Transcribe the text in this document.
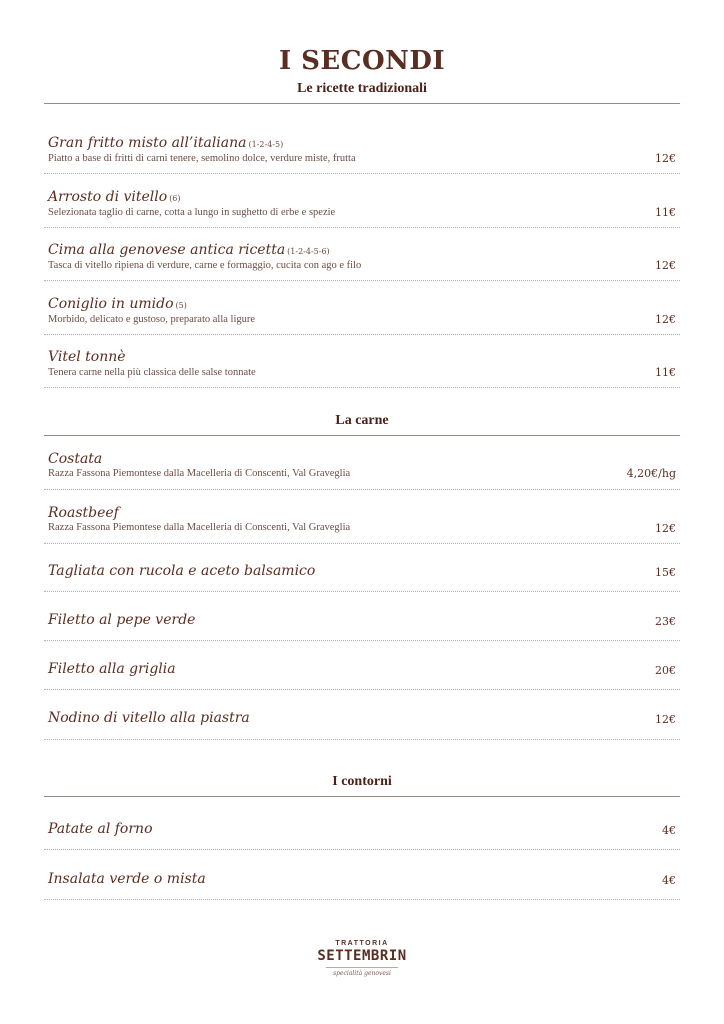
I SECONDI
Le ricette tradizionali
Gran fritto misto all’italiana (1-2-4-5)
Piatto a base di fritti di carni tenere, semolino dolce, verdure miste, frutta	12€
Arrosto di vitello (6)
Selezionata taglio di carne, cotta a lungo in sughetto di erbe e spezie	11€
Cima alla genovese antica ricetta (1-2-4-5-6)
Tasca di vitello ripiena di verdure, carne e formaggio, cucita con ago e filo	12€
Coniglio in umido (5)
Morbido, delicato e gustoso, preparato alla ligure	12€
Vitel tonnè
Tenera carne nella più classica delle salse tonnate	11€
La carne
Costata
Razza Fassona Piemontese dalla Macelleria di Conscenti, Val Graveglia	4,20€/hg
Roastbeef
Razza Fassona Piemontese dalla Macelleria di Conscenti, Val Graveglia	12€
Tagliata con rucola e aceto balsamico	15€
Filetto al pepe verde	23€
Filetto alla griglia	20€
Nodino di vitello alla piastra	12€
I contorni
Patate al forno	4€
Insalata verde o mista	4€
TRATTORIA
SETTEMBRIN
specialità genovesi
